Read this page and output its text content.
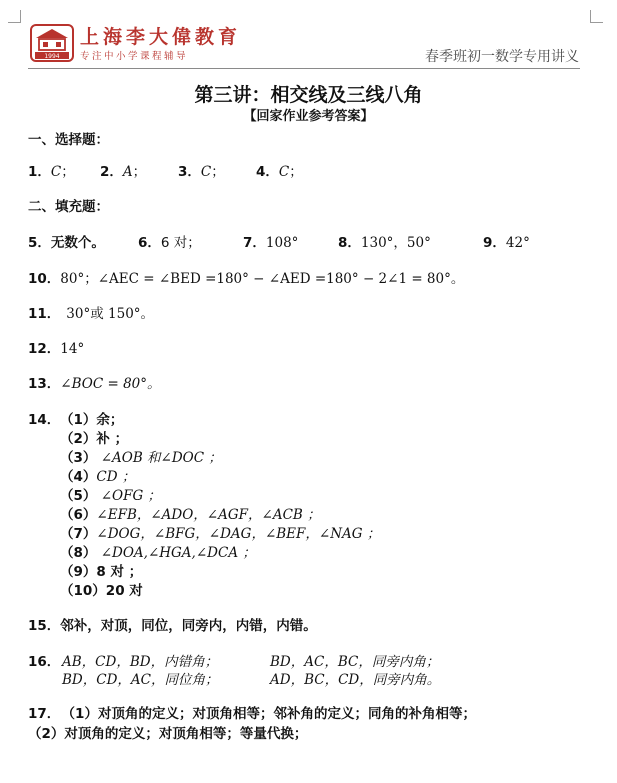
1994
上海李大偉教育
专注中小学课程辅导	春季班初一数学专用讲义
第三讲：相交线及三线八角
【回家作业参考答案】
一、选择题：
1．C； 2．A； 3．C； 4．C；
二、填充题：
5．无数个。 6．6 对；	7．108°	8．130°，50°	9．42°
10．80°；∠AEC = ∠BED =180° − ∠AED =180° − 2∠1 = 80°。
11． 30°或 150°。
12．14°
13．∠BOC = 80°。
14． （1）余；
（2）补 ；
（3） ∠AOB 和∠DOC ；
（4）CD ；
（5） ∠OFG ；
（6）∠EFB，∠ADO，∠AGF，∠ACB ；
（7）∠DOG，∠BFG，∠DAG，∠BEF，∠NAG ；
（8） ∠DOA,∠HGA,∠DCA ；
（9）8 对 ；
（10）20 对
15．邻补，对顶，同位，同旁内，内错，内错。
16． AB，CD，BD，内错角；	BD，AC，BC，同旁内角；
BD，CD，AC，同位角；	AD，BC，CD，同旁内角。
17． （1）对顶角的定义；对顶角相等；邻补角的定义；同角的补角相等；
（2）对顶角的定义；对顶角相等；等量代换；
